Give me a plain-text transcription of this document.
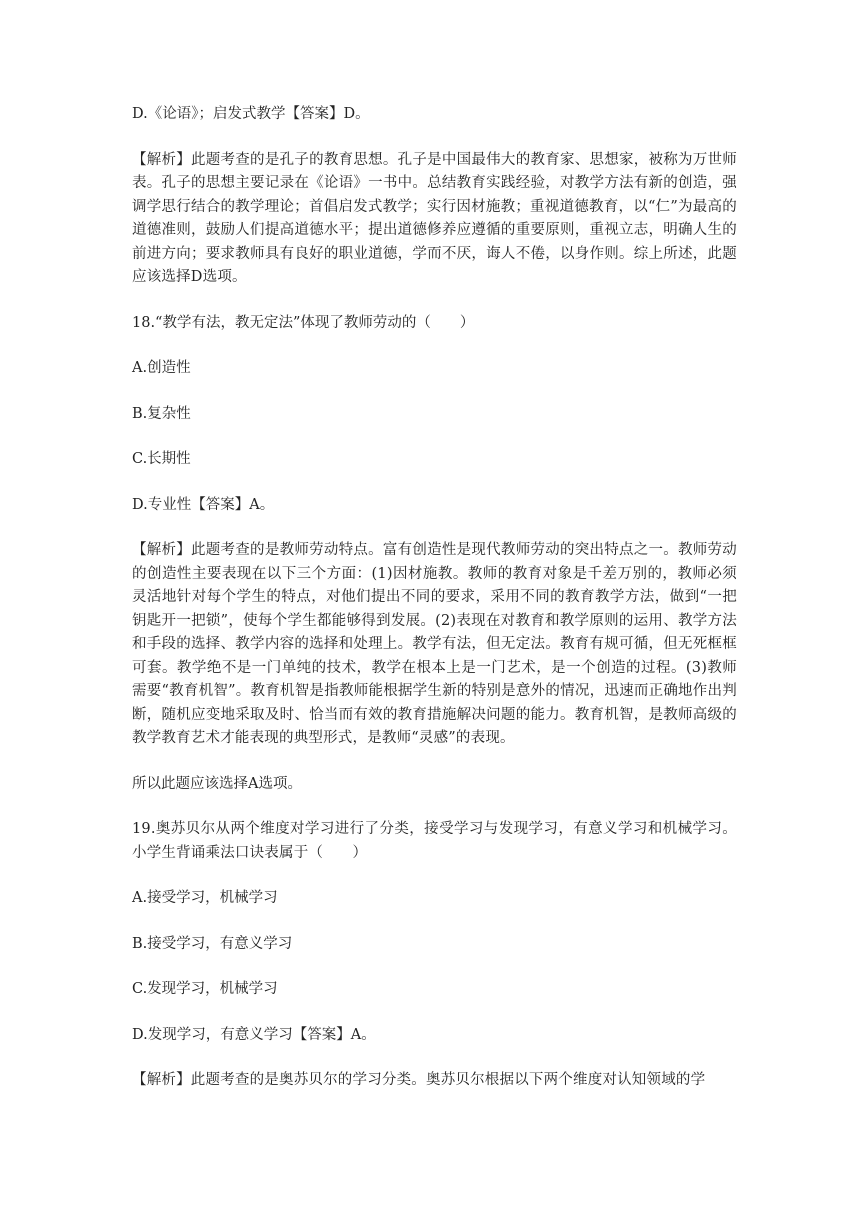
D.《论语》；启发式教学【答案】D。

【解析】此题考查的是孔子的教育思想。孔子是中国最伟大的教育家、思想家，被称为万世师表。孔子的思想主要记录在《论语》一书中。总结教育实践经验，对教学方法有新的创造，强调学思行结合的教学理论；首倡启发式教学；实行因材施教；重视道德教育，以“仁”为最高的道德准则，鼓励人们提高道德水平；提出道德修养应遵循的重要原则，重视立志，明确人生的前进方向；要求教师具有良好的职业道德，学而不厌，诲人不倦，以身作则。综上所述，此题应该选择D选项。

18.“教学有法，教无定法”体现了教师劳动的（　　）

A.创造性

B.复杂性

C.长期性

D.专业性【答案】A。

【解析】此题考查的是教师劳动特点。富有创造性是现代教师劳动的突出特点之一。教师劳动的创造性主要表现在以下三个方面：(1)因材施教。教师的教育对象是千差万别的，教师必须灵活地针对每个学生的特点，对他们提出不同的要求，采用不同的教育教学方法，做到“一把钥匙开一把锁”，使每个学生都能够得到发展。(2)表现在对教育和教学原则的运用、教学方法和手段的选择、教学内容的选择和处理上。教学有法，但无定法。教育有规可循，但无死框框可套。教学绝不是一门单纯的技术，教学在根本上是一门艺术，是一个创造的过程。(3)教师需要“教育机智”。教育机智是指教师能根据学生新的特别是意外的情况，迅速而正确地作出判断，随机应变地采取及时、恰当而有效的教育措施解决问题的能力。教育机智，是教师高级的教学教育艺术才能表现的典型形式，是教师“灵感”的表现。

所以此题应该选择A选项。

19.奥苏贝尔从两个维度对学习进行了分类，接受学习与发现学习，有意义学习和机械学习。小学生背诵乘法口诀表属于（　　）

A.接受学习，机械学习

B.接受学习，有意义学习

C.发现学习，机械学习

D.发现学习，有意义学习【答案】A。

【解析】此题考查的是奥苏贝尔的学习分类。奥苏贝尔根据以下两个维度对认知领域的学
